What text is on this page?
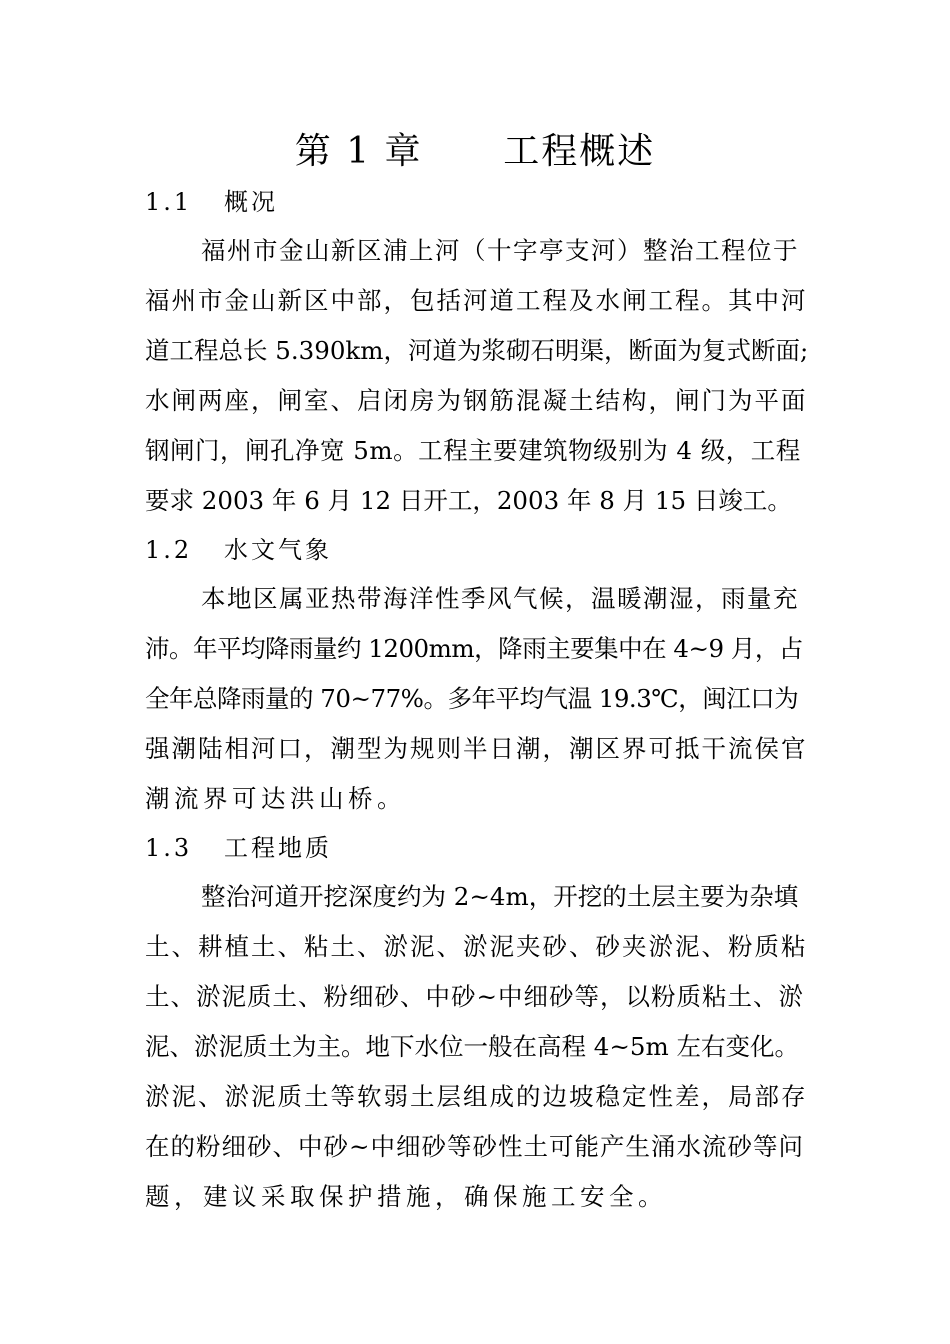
第 1 章      工程概述
1.1   概况
福州市金山新区浦上河（十字亭支河）整治工程位于
福州市金山新区中部，包括河道工程及水闸工程。其中河
道工程总长 5.390km，河道为浆砌石明渠，断面为复式断面;
水闸两座，闸室、启闭房为钢筋混凝土结构，闸门为平面
钢闸门，闸孔净宽 5m。工程主要建筑物级别为 4 级，工程
要求 2003 年 6 月 12 日开工，2003 年 8 月 15 日竣工。
1.2   水文气象
本地区属亚热带海洋性季风气候，温暖潮湿，雨量充
沛。年平均降雨量约 1200mm，降雨主要集中在 4~9 月，占
全年总降雨量的 70~77%。多年平均气温 19.3℃，闽江口为
强潮陆相河口，潮型为规则半日潮，潮区界可抵干流侯官
潮流界可达洪山桥。
1.3   工程地质
整治河道开挖深度约为 2~4m，开挖的土层主要为杂填
土、耕植土、粘土、淤泥、淤泥夹砂、砂夹淤泥、粉质粘
土、淤泥质土、粉细砂、中砂~中细砂等，以粉质粘土、淤
泥、淤泥质土为主。地下水位一般在高程 4~5m 左右变化。
淤泥、淤泥质土等软弱土层组成的边坡稳定性差，局部存
在的粉细砂、中砂~中细砂等砂性土可能产生涌水流砂等问
题，建议采取保护措施，确保施工安全。
